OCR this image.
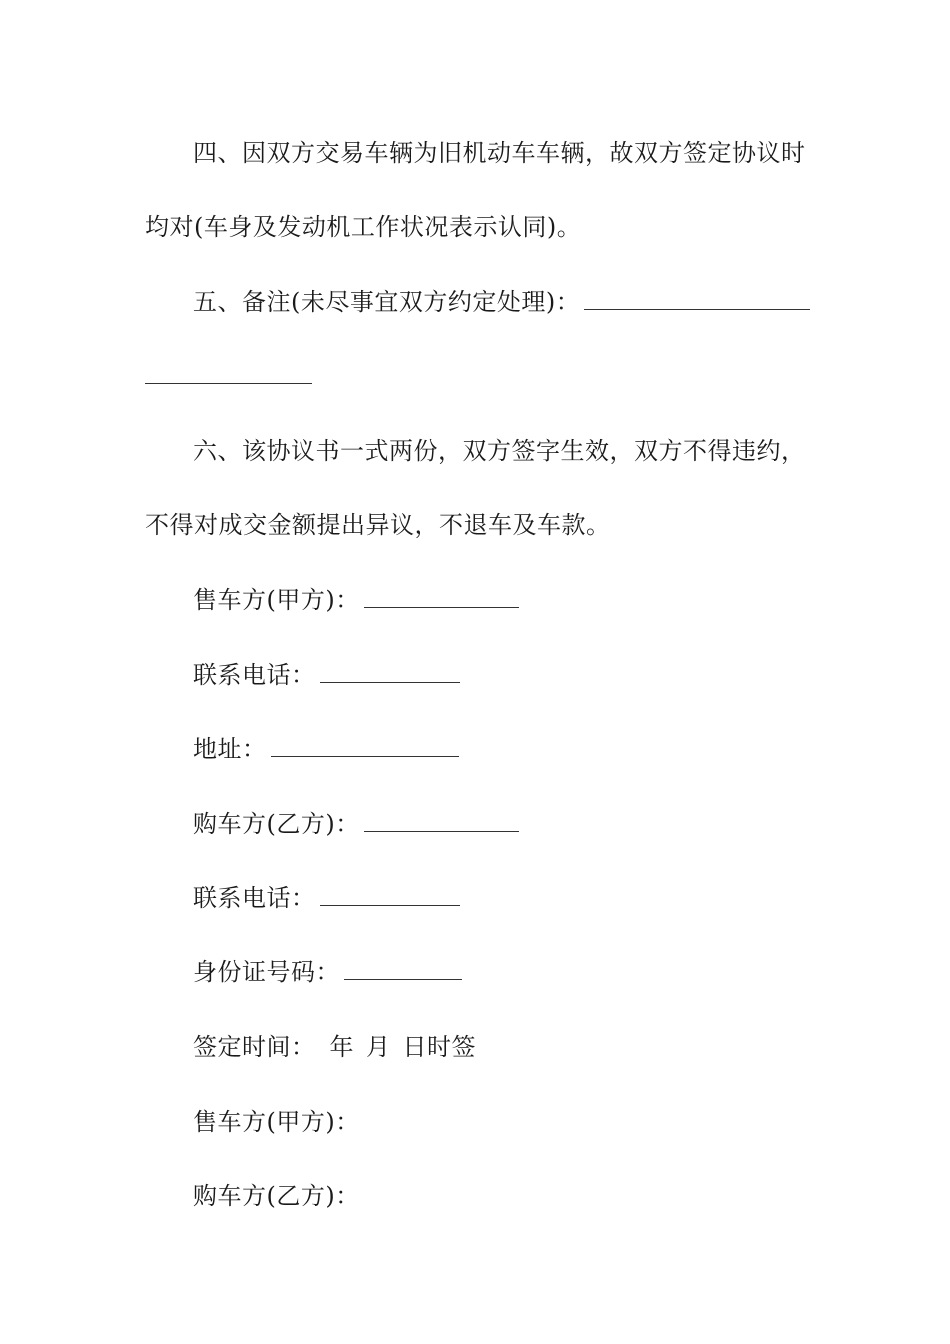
四、因双方交易车辆为旧机动车车辆，故双方签定协议时
均对(车身及发动机工作状况表示认同)。
五、备注(未尽事宜双方约定处理)：
六、该协议书一式两份，双方签字生效，双方不得违约，
不得对成交金额提出异议，不退车及车款。
售车方(甲方)：
联系电话：
地址：
购车方(乙方)：
联系电话：
身份证号码：
签定时间： 年 月 日时签
售车方(甲方)：
购车方(乙方)：
